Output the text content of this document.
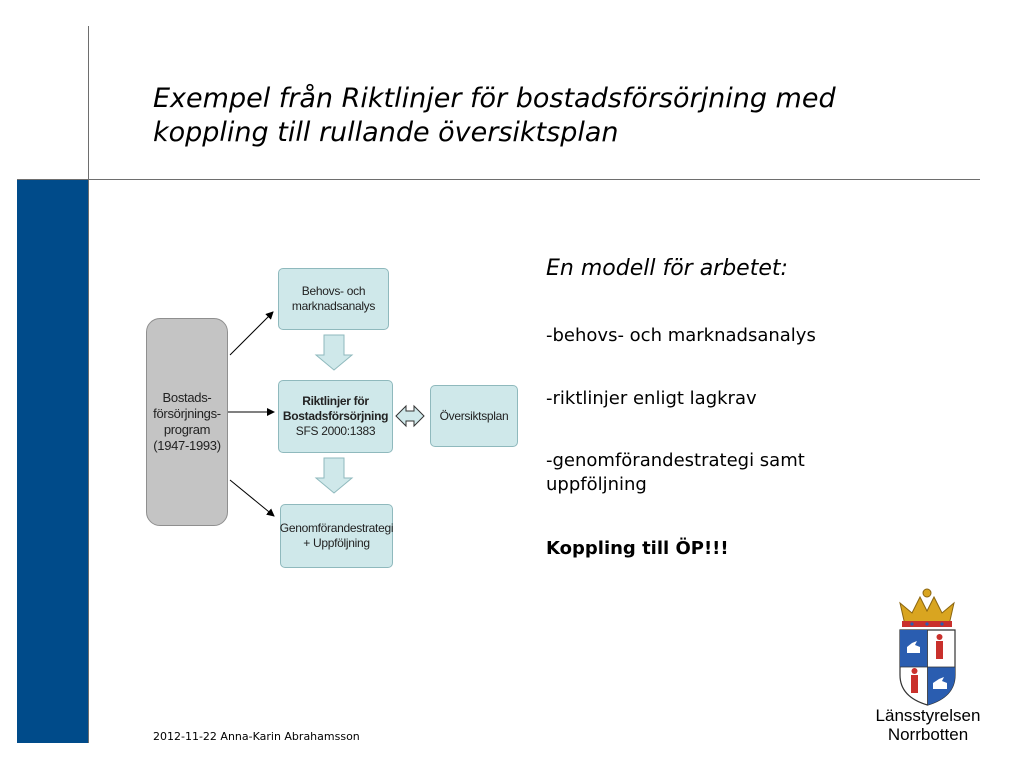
Exempel från Riktlinjer för bostadsförsörjning med
koppling till rullande översiktsplan
Bostads-
försörjnings-
program
(1947-1993)
Behovs- och
marknadsanalys
Riktlinjer för
Bostadsförsörjning
SFS 2000:1383
Översiktsplan
Genomförandestrategi
+ Uppföljning

En modell för arbetet:

-behovs- och marknadsanalys
-riktlinjer enligt lagkrav
-genomförandestrategi samt uppföljning
Koppling till ÖP!!!
2012-11-22 Anna-Karin Abrahamsson
Länsstyrelsen
Norrbotten
